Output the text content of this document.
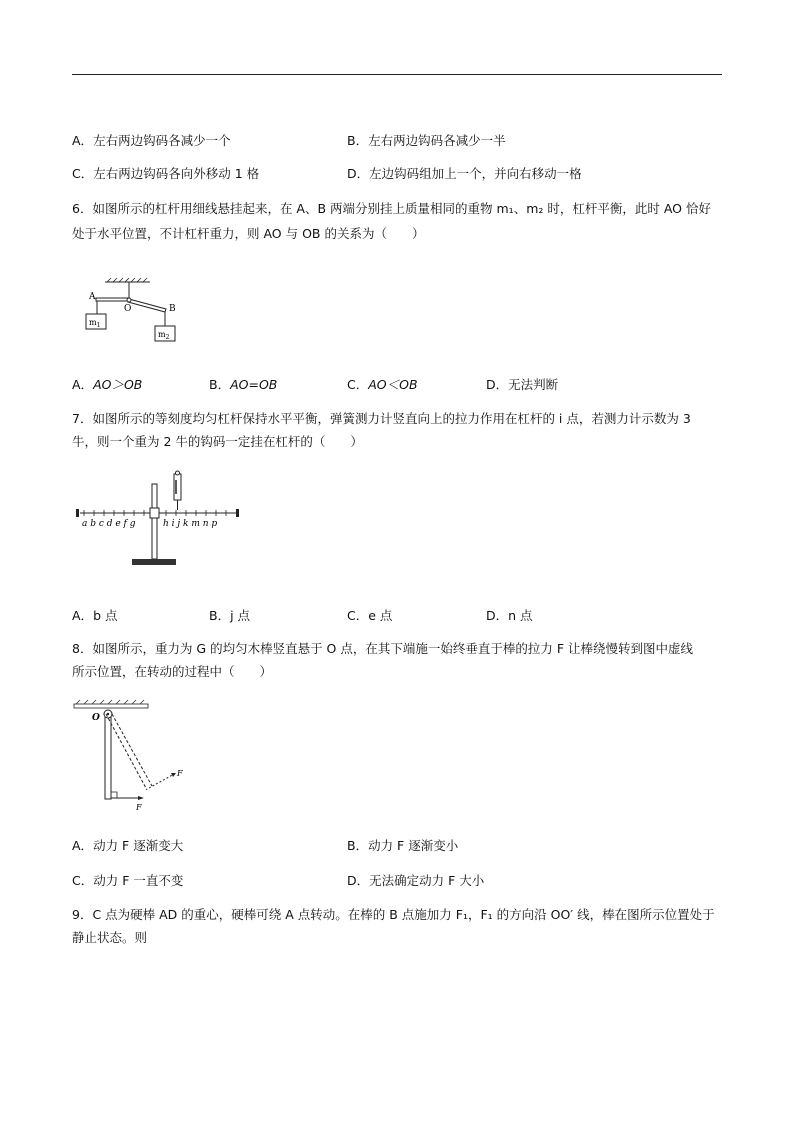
A．左右两边钩码各减少一个	B．左右两边钩码各减少一半
C．左右两边钩码各向外移动 1 格	D．左边钩码组加上一个，并向右移动一格
6．如图所示的杠杆用细线悬挂起来，在 A、B 两端分别挂上质量相同的重物 m₁、m₂ 时，杠杆平衡，此时 AO 恰好
处于水平位置，不计杠杆重力，则 AO 与 OB 的关系为（　　）
A
O	B
$m_1$
$m_2$
A．AO＞OB	B．AO=OB	C．AO＜OB	D．无法判断
7．如图所示的等刻度均匀杠杆保持水平平衡，弹簧测力计竖直向上的拉力作用在杠杆的 i 点，若测力计示数为 3
牛，则一个重为 2 牛的钩码一定挂在杠杆的（　　）
a b c d e f g	h i j k m n p
A．b 点	B．j 点	C．e 点	D．n 点
8．如图所示，重力为 G 的均匀木棒竖直悬于 O 点，在其下端施一始终垂直于棒的拉力 F 让棒绕慢转到图中虚线
所示位置，在转动的过程中（　　）
O
F
F
A．动力 F 逐渐变大	B．动力 F 逐渐变小
C．动力 F 一直不变	D．无法确定动力 F 大小
9．C 点为硬棒 AD 的重心，硬棒可绕 A 点转动。在棒的 B 点施加力 F₁，F₁ 的方向沿 OO′ 线，棒在图所示位置处于
静止状态。则
